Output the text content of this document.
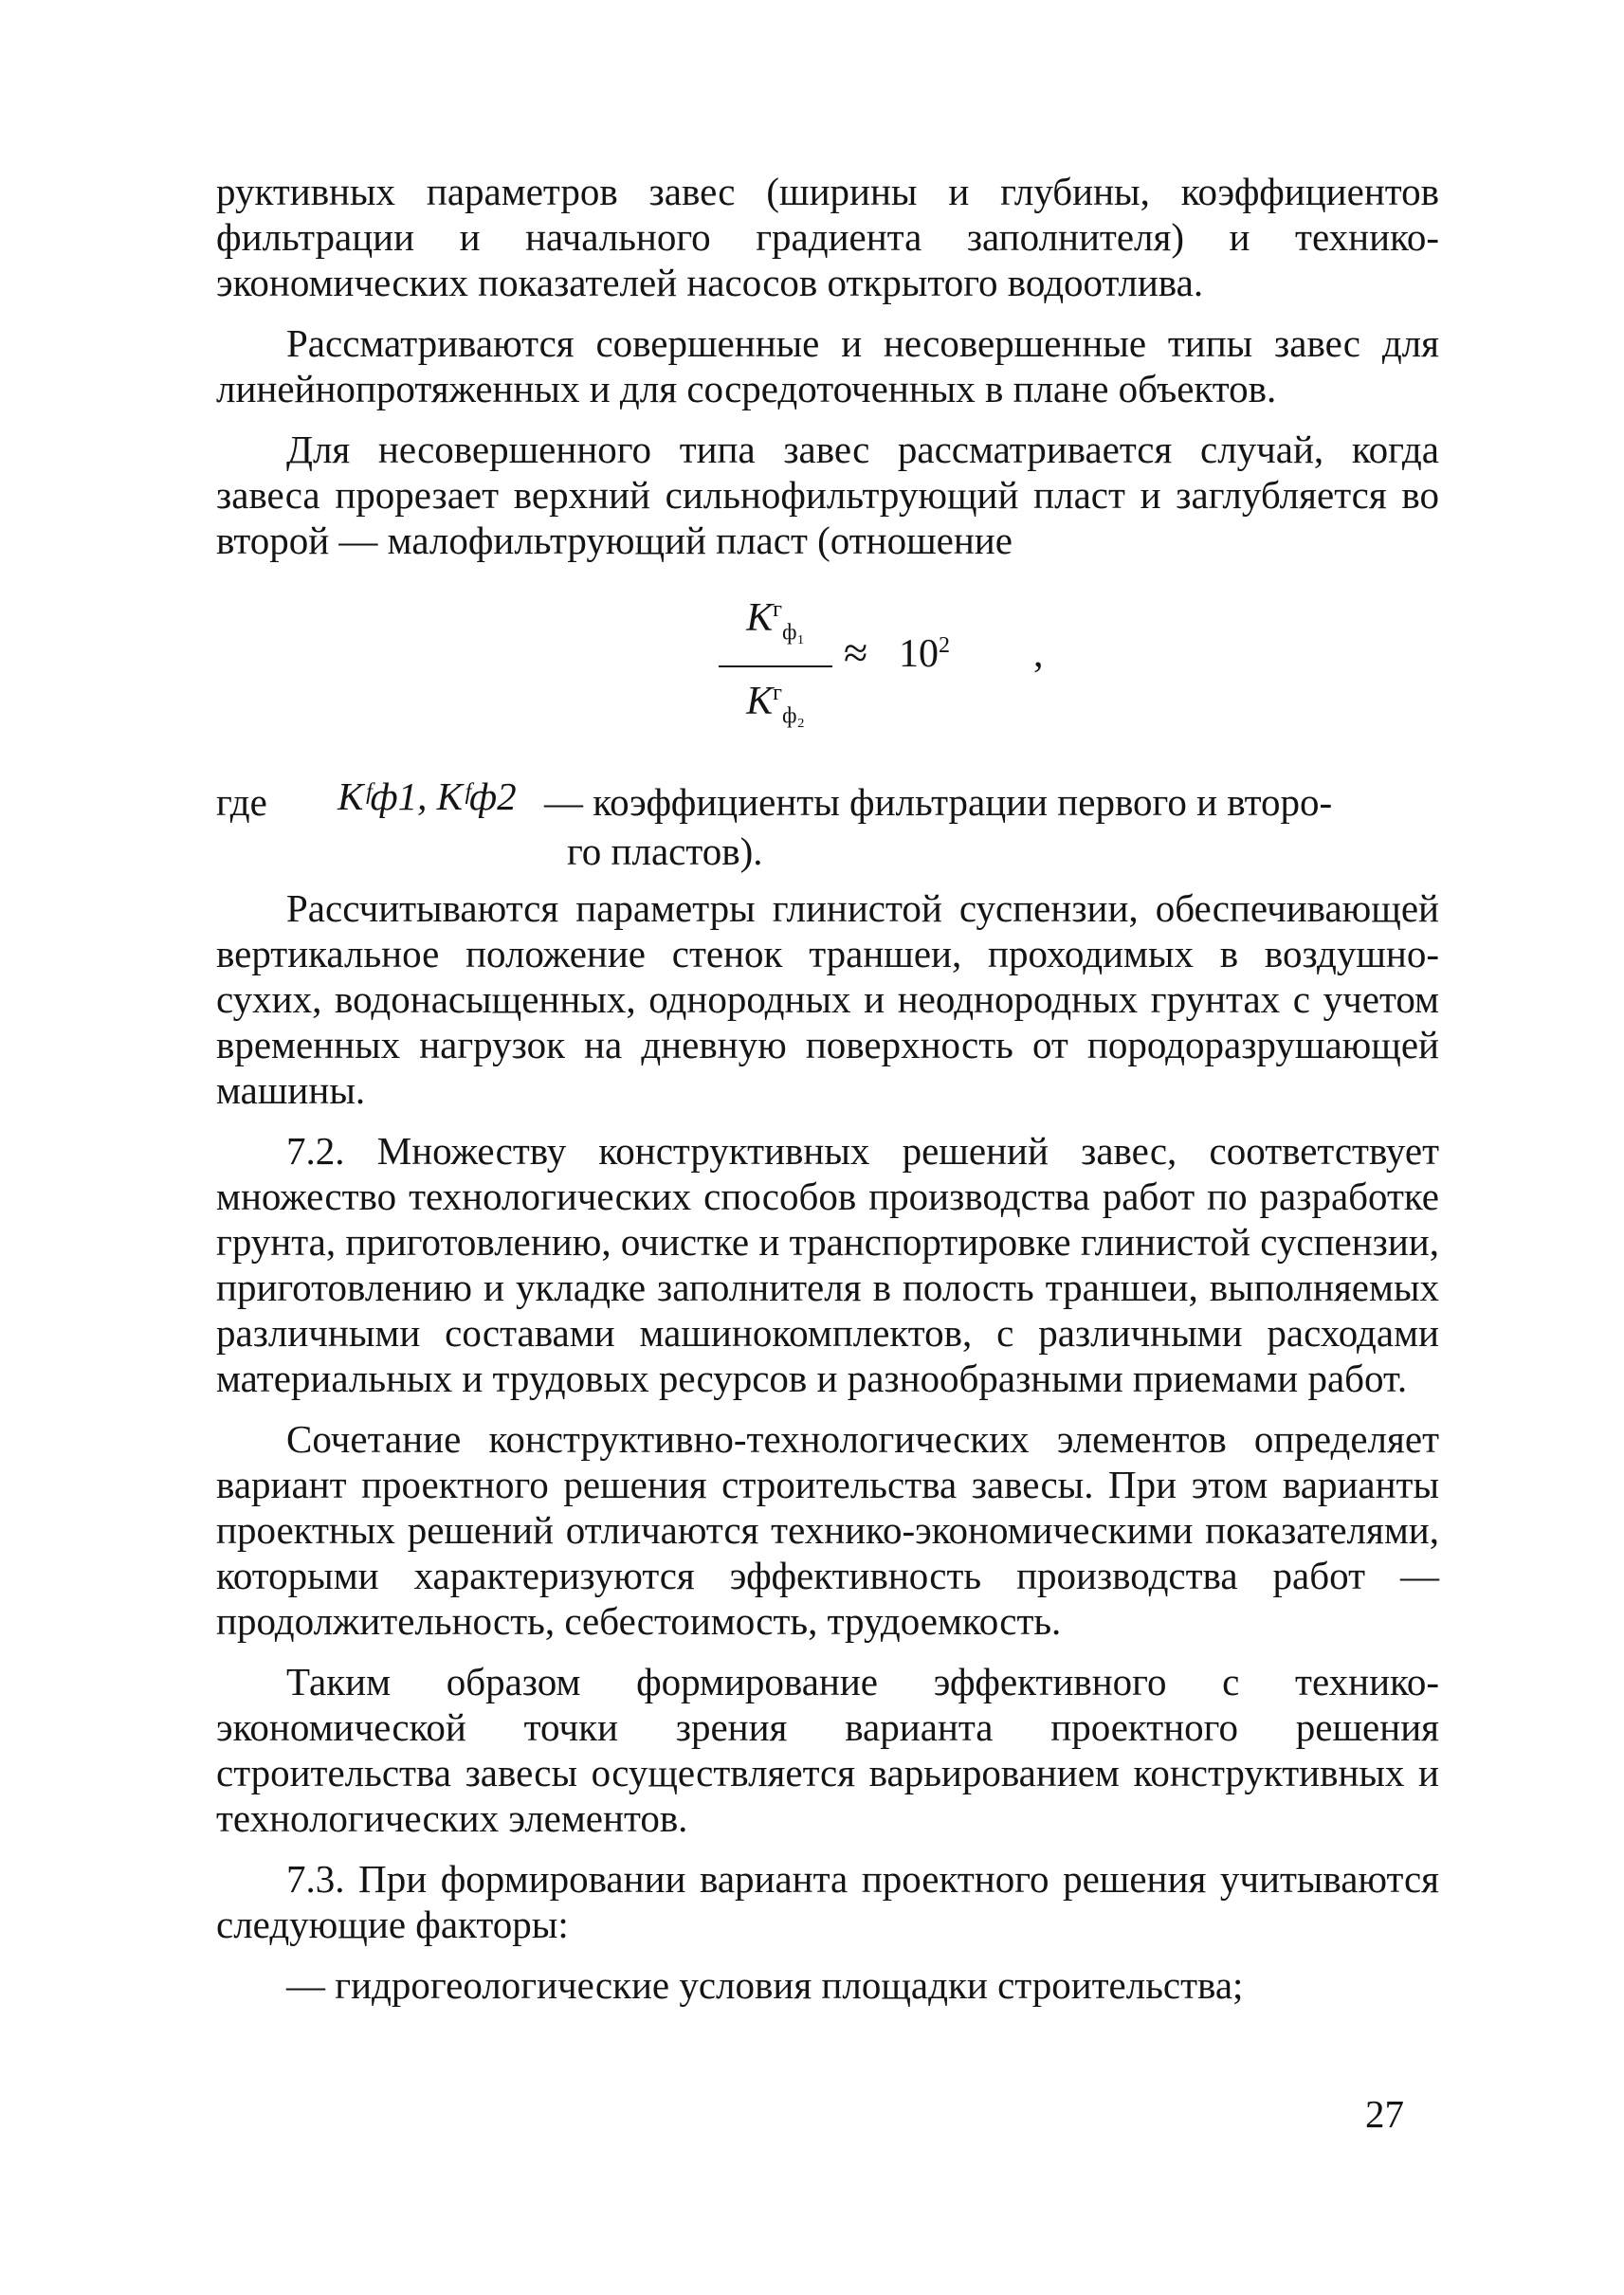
руктивных параметров завес (ширины и глубины, коэффициентов фильтрации и начального градиента заполнителя) и технико-экономических показателей насосов открытого водоотлива.

Рассматриваются совершенные и несовершенные типы завес для линейнопротяженных и для сосредоточенных в плане объектов.

Для несовершенного типа завес рассматривается случай, когда завеса прорезает верхний сильнофильтрующий пласт и заглубляется во второй — малофильтрующий пласт (отношение

$K^г_{ф_1}$
$K^г_{ф_2}$
≈ $10^2$ ,
где Kᶠф1, Kᶠф2 — коэффициенты фильтрации первого и второ-
го пластов).

Рассчитываются параметры глинистой суспензии, обеспечивающей вертикальное положение стенок траншеи, проходимых в воздушно-сухих, водонасыщенных, однородных и неоднородных грунтах с учетом временных нагрузок на дневную поверхность от породоразрушающей машины.

7.2. Множеству конструктивных решений завес, соответствует множество технологических способов производства работ по разработке грунта, приготовлению, очистке и транспортировке глинистой суспензии, приготовлению и укладке заполнителя в полость траншеи, выполняемых различными составами машинокомплектов, с различными расходами материальных и трудовых ресурсов и разнообразными приемами работ.

Сочетание конструктивно-технологических элементов определяет вариант проектного решения строительства завесы. При этом варианты проектных решений отличаются технико-экономическими показателями, которыми характеризуются эффективность производства работ — продолжительность, себестоимость, трудоемкость.

Таким образом формирование эффективного с технико-экономической точки зрения варианта проектного решения строительства завесы осуществляется варьированием конструктивных и технологических элементов.

7.3. При формировании варианта проектного решения учитываются следующие факторы:

— гидрогеологические условия площадки строительства;

27
